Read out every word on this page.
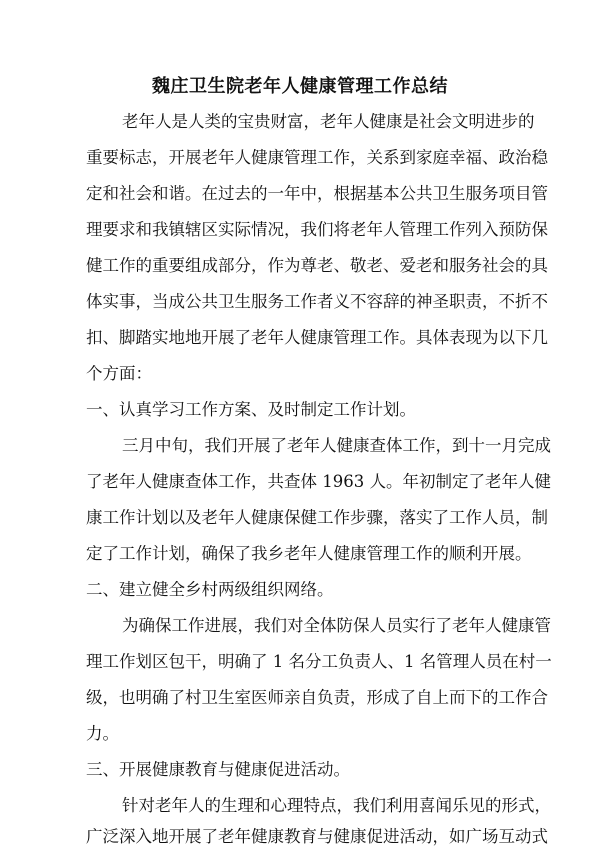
魏庄卫生院老年人健康管理工作总结
老年人是人类的宝贵财富，老年人健康是社会文明进步的
重要标志，开展老年人健康管理工作，关系到家庭幸福、政治稳
定和社会和谐。在过去的一年中，根据基本公共卫生服务项目管
理要求和我镇辖区实际情况，我们将老年人管理工作列入预防保
健工作的重要组成部分，作为尊老、敬老、爱老和服务社会的具
体实事，当成公共卫生服务工作者义不容辞的神圣职责，不折不
扣、脚踏实地地开展了老年人健康管理工作。具体表现为以下几
个方面：
一、认真学习工作方案、及时制定工作计划。
三月中旬，我们开展了老年人健康查体工作，到十一月完成
了老年人健康查体工作，共查体 1963 人。年初制定了老年人健
康工作计划以及老年人健康保健工作步骤，落实了工作人员，制
定了工作计划，确保了我乡老年人健康管理工作的顺利开展。
二、建立健全乡村两级组织网络。
为确保工作进展，我们对全体防保人员实行了老年人健康管
理工作划区包干，明确了 1 名分工负责人、1 名管理人员在村一
级，也明确了村卫生室医师亲自负责，形成了自上而下的工作合
力。
三、开展健康教育与健康促进活动。
针对老年人的生理和心理特点，我们利用喜闻乐见的形式，
广泛深入地开展了老年健康教育与健康促进活动，如广场互动式
